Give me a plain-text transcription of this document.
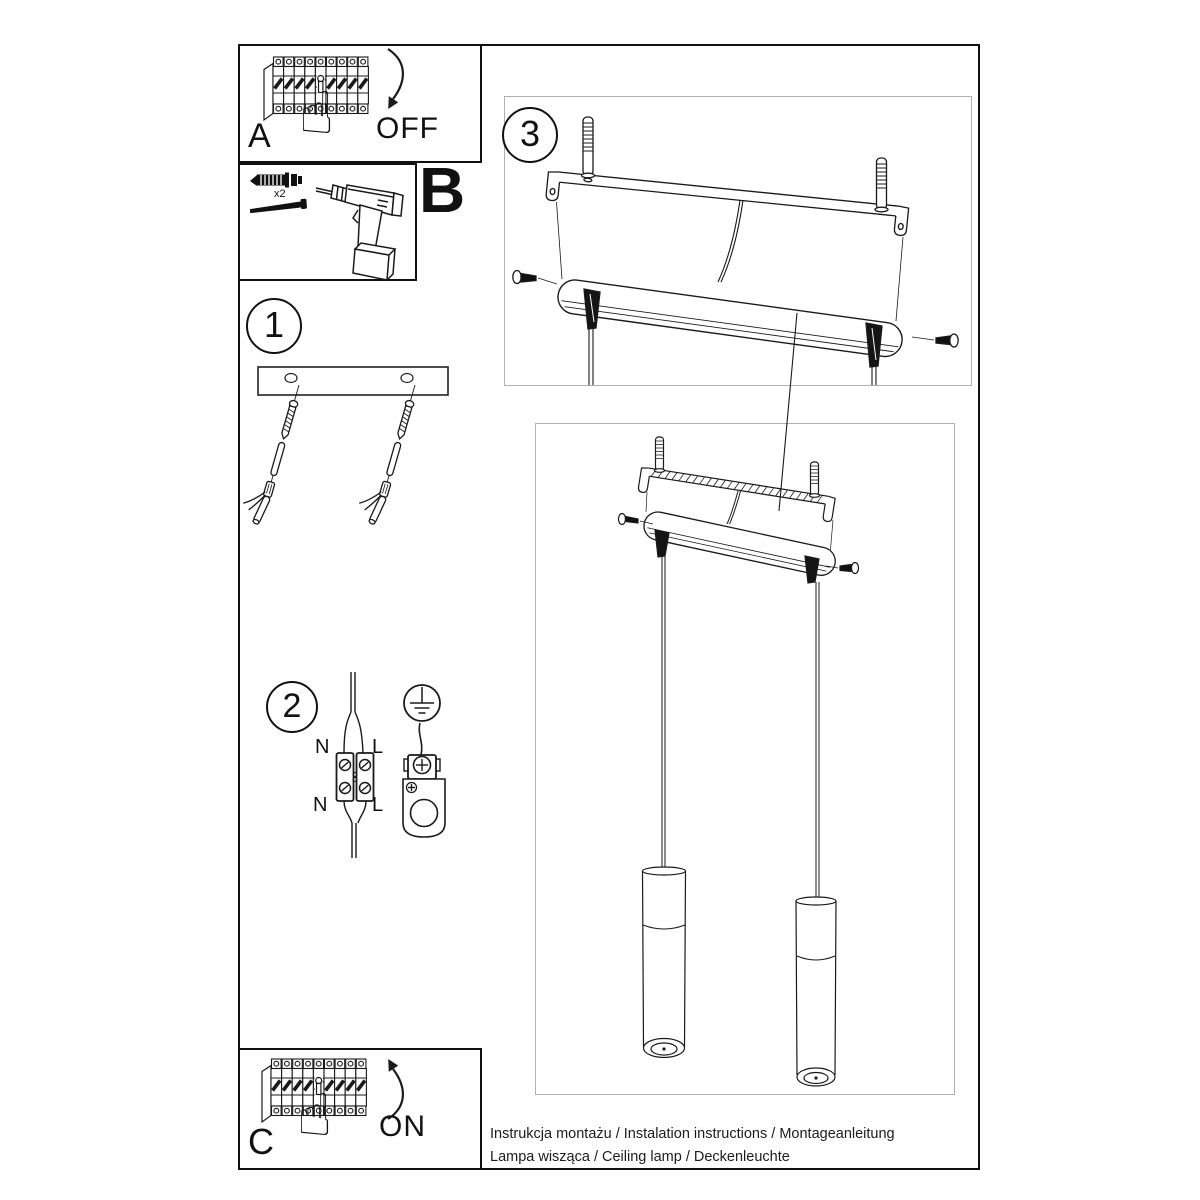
☝ OFF
A
x2 B
1
2
N L
N L
3
☝ ON
C	Instrukcja montażu / Instalation instructions / Montageanleitung
Lampa wisząca / Ceiling lamp / Deckenleuchte
